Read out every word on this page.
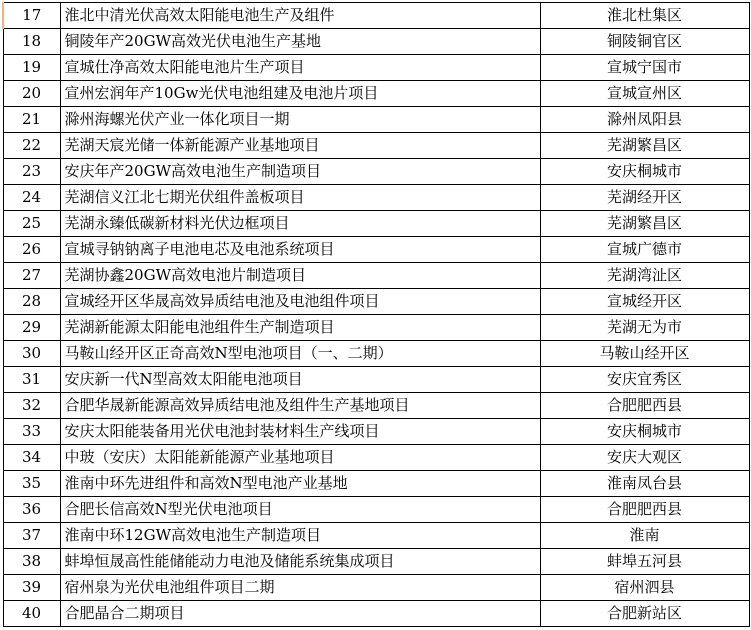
17	淮北中清光伏高效太阳能电池生产及组件	淮北杜集区
18	铜陵年产20GW高效光伏电池生产基地	铜陵铜官区
19	宣城仕净高效太阳能电池片生产项目	宣城宁国市
20	宣州宏润年产10Gw光伏电池组建及电池片项目	宣城宣州区
21	滁州海螺光伏产业一体化项目一期	滁州凤阳县
22	芜湖天宸光储一体新能源产业基地项目	芜湖繁昌区
23	安庆年产20GW高效电池生产制造项目	安庆桐城市
24	芜湖信义江北七期光伏组件盖板项目	芜湖经开区
25	芜湖永臻低碳新材料光伏边框项目	芜湖繁昌区
26	宣城寻钠钠离子电池电芯及电池系统项目	宣城广德市
27	芜湖协鑫20GW高效电池片制造项目	芜湖湾沚区
28	宣城经开区华晟高效异质结电池及电池组件项目	宣城经开区
29	芜湖新能源太阳能电池组件生产制造项目	芜湖无为市
30	马鞍山经开区正奇高效N型电池项目（一、二期）	马鞍山经开区
31	安庆新一代N型高效太阳能电池项目	安庆宜秀区
32	合肥华晟新能源高效异质结电池及组件生产基地项目	合肥肥西县
33	安庆太阳能装备用光伏电池封装材料生产线项目	安庆桐城市
34	中玻（安庆）太阳能新能源产业基地项目	安庆大观区
35	淮南中环先进组件和高效N型电池产业基地	淮南凤台县
36	合肥长信高效N型光伏电池项目	合肥肥西县
37	淮南中环12GW高效电池生产制造项目	淮南
38	蚌埠恒晟高性能储能动力电池及储能系统集成项目	蚌埠五河县
39	宿州泉为光伏电池组件项目二期	宿州泗县
40	合肥晶合二期项目	合肥新站区
